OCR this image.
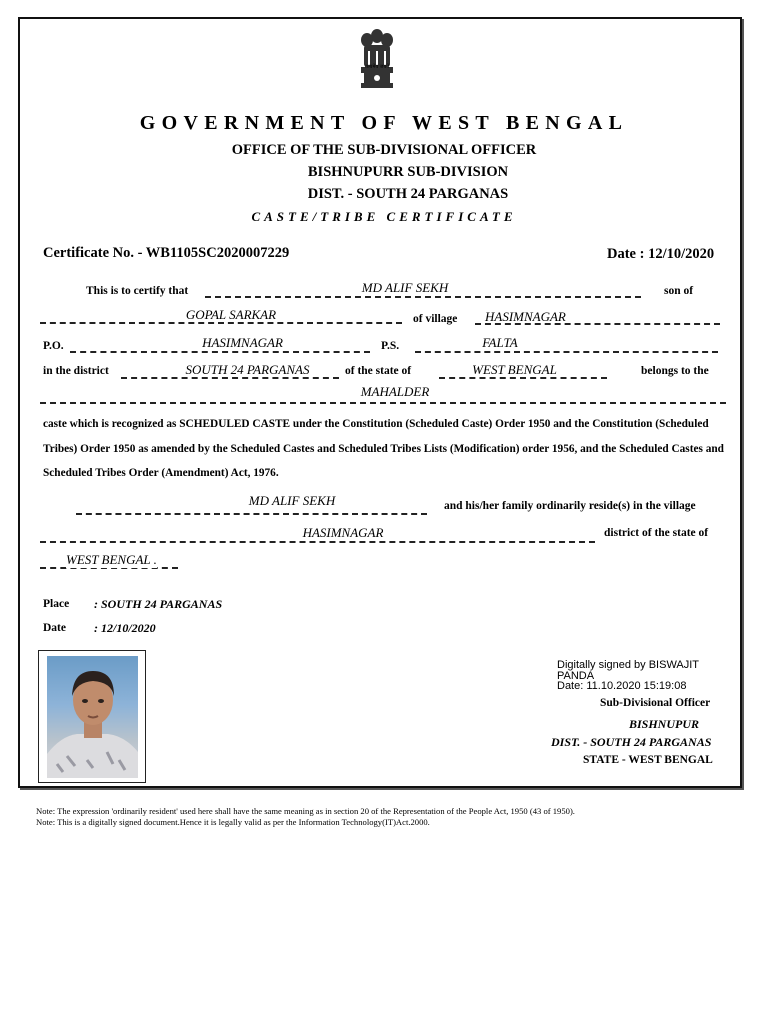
सत्यमेव जयते
GOVERNMENT OF WEST BENGAL
OFFICE OF THE SUB-DIVISIONAL OFFICER
BISHNUPURR SUB-DIVISION
DIST. - SOUTH 24 PARGANAS
CASTE/TRIBE CERTIFICATE
Certificate No. - WB1105SC2020007229	Date : 12/10/2020
This is to certify that	MD ALIF SEKH	son of
GOPAL SARKAR	of village HASIMNAGAR
P.O.	HASIMNAGAR	P.S.	FALTA
in the district	SOUTH 24 PARGANAS	of the state of	WEST BENGAL	belongs to the
MAHALDER
caste which is recognized as SCHEDULED CASTE under the Constitution (Scheduled Caste) Order 1950 and the Constitution (Scheduled Tribes) Order 1950 as amended by the Scheduled Castes and Scheduled Tribes Lists (Modification) order 1956, and the Scheduled Castes and Scheduled Tribes Order (Amendment) Act, 1976.
MD ALIF SEKH	and his/her family ordinarily reside(s) in the village
HASIMNAGAR	district of the state of
WEST BENGAL .
Place : SOUTH 24 PARGANAS
Date : 12/10/2020
Digitally signed by BISWAJIT PANDA
Date: 11.10.2020 15:19:08
Sub-Divisional Officer
BISHNUPUR
DIST. - SOUTH 24 PARGANAS
STATE - WEST BENGAL
Note: The expression 'ordinarily resident' used here shall have the same meaning as in section 20 of the Representation of the People Act, 1950 (43 of 1950).
Note: This is a digitally signed document.Hence it is legally valid as per the Information Technology(IT)Act.2000.
